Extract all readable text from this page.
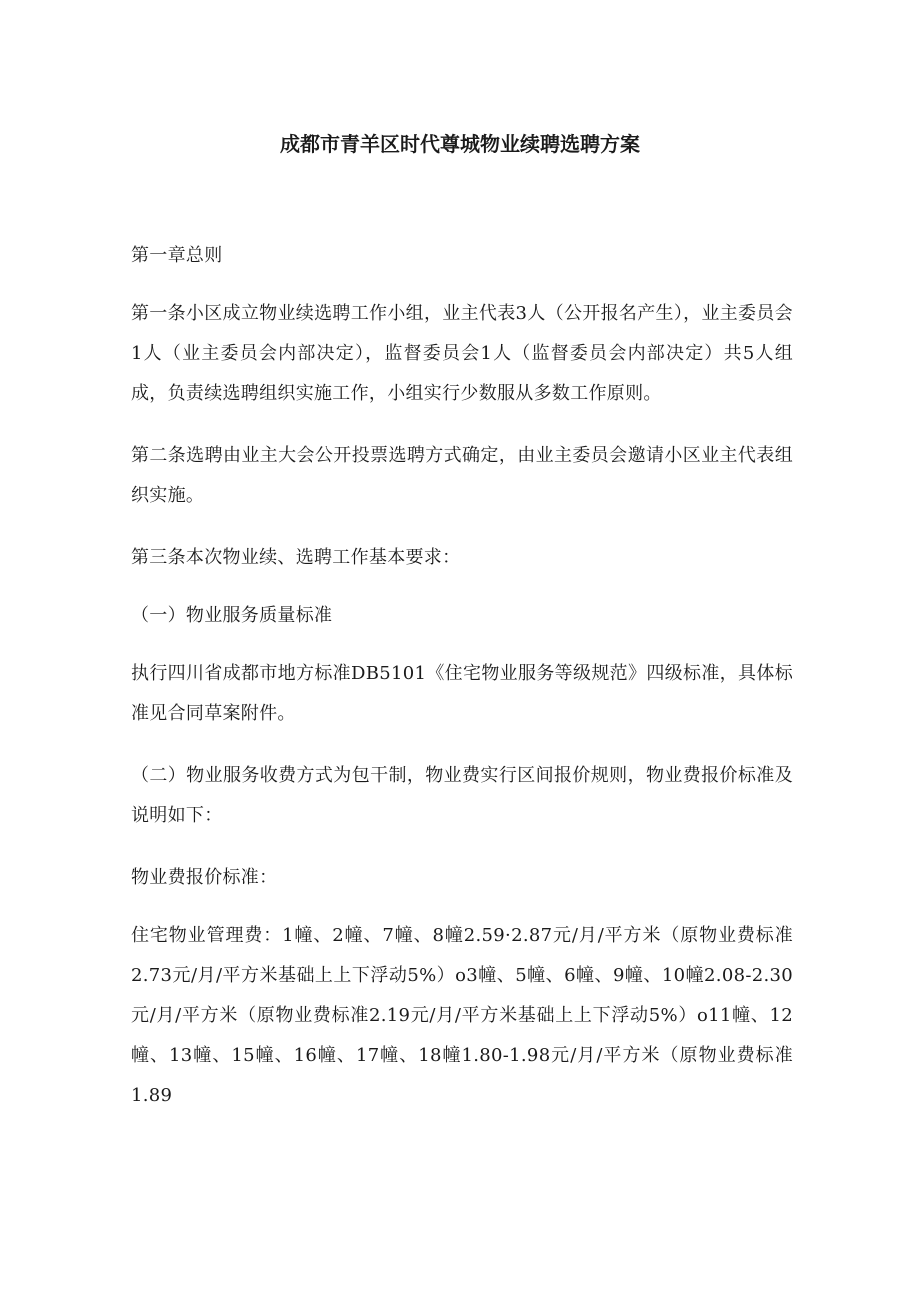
成都市青羊区时代尊城物业续聘选聘方案

第一章总则

第一条小区成立物业续选聘工作小组，业主代表3人（公开报名产生），业主委员会1人（业主委员会内部决定），监督委员会1人（监督委员会内部决定）共5人组成，负责续选聘组织实施工作，小组实行少数服从多数工作原则。

第二条选聘由业主大会公开投票选聘方式确定，由业主委员会邀请小区业主代表组织实施。

第三条本次物业续、选聘工作基本要求：

（一）物业服务质量标准

执行四川省成都市地方标准DB5101《住宅物业服务等级规范》四级标准，具体标准见合同草案附件。

（二）物业服务收费方式为包干制，物业费实行区间报价规则，物业费报价标准及说明如下：

物业费报价标准：

住宅物业管理费：1幢、2幢、7幢、8幢2.59·2.87元/月/平方米（原物业费标准2.73元/月/平方米基础上上下浮动5%）o3幢、5幢、6幢、9幢、10幢2.08-2.30元/月/平方米（原物业费标准2.19元/月/平方米基础上上下浮动5%）o11幢、12幢、13幢、15幢、16幢、17幢、18幢1.80-1.98元/月/平方米（原物业费标准1.89
